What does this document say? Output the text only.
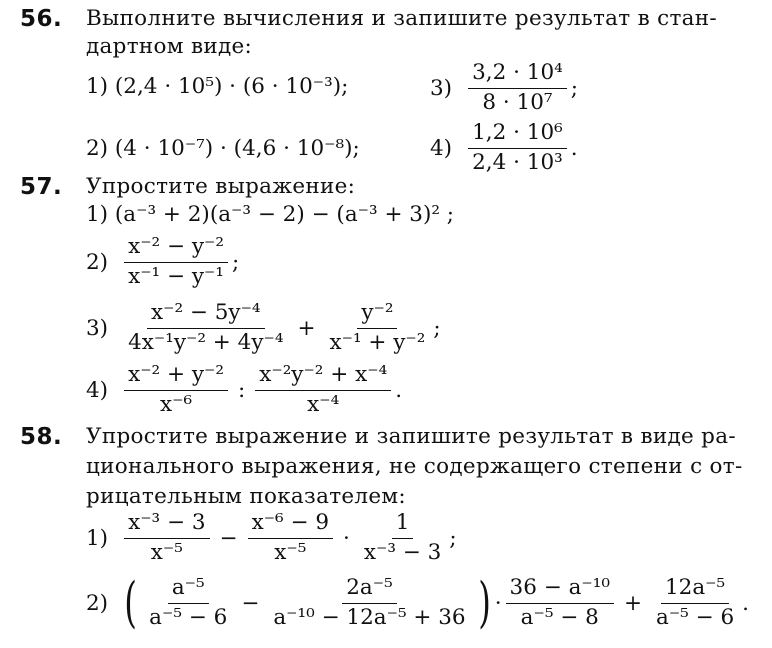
56. Выполните вычисления и запишите результат в стан-
дартном виде:
1) (2,4 · 10⁵) · (6 · 10⁻³);	$3) \frac{\text{3,2 · 10⁴}}{\text{8 · 10⁷}}$ ;
2) (4 · 10⁻⁷) · (4,6 · 10⁻⁸);	$4) \frac{\text{1,2 · 10⁶}}{\text{2,4 · 10³}}$ .
57. Упростите выражение:
1) (a⁻³ + 2)(a⁻³ − 2) − (a⁻³ + 3)² ;
$2) \frac{\text{x⁻² − y⁻²}}{\text{x⁻¹ − y⁻¹}}$ ;
$3) \frac{\text{x⁻² − 5y⁻⁴}}{\text{4x⁻¹y⁻² + 4y⁻⁴}} + \frac{\text{y⁻²}}{\text{x⁻¹ + y⁻²}}$ ;
$4) \frac{\text{x⁻² + y⁻²}}{\text{x⁻⁶}}$ : $\frac{\text{x⁻²y⁻² + x⁻⁴}}{\text{x⁻⁴}}$ .
58. Упростите выражение и запишите результат в виде ра-
ционального выражения, не содержащего степени с от-
рицательным показателем:
$1) \frac{\text{x⁻³ − 3}}{\text{x⁻⁵}} - \frac{\text{x⁻⁶ − 9}}{\text{x⁻⁵}} \cdot \frac{1}{\text{x⁻³ − 3}}$ ;
2) ( $\frac{\text{a⁻⁵}}{\text{a⁻⁵ − 6}} - \frac{\text{2a⁻⁵}}{\text{a⁻¹⁰ − 12a⁻⁵ + 36}}$ ) · $\frac{\text{36 − a⁻¹⁰}}{\text{a⁻⁵ − 8}} + \frac{\text{12a⁻⁵}}{\text{a⁻⁵ − 6}}$ .
